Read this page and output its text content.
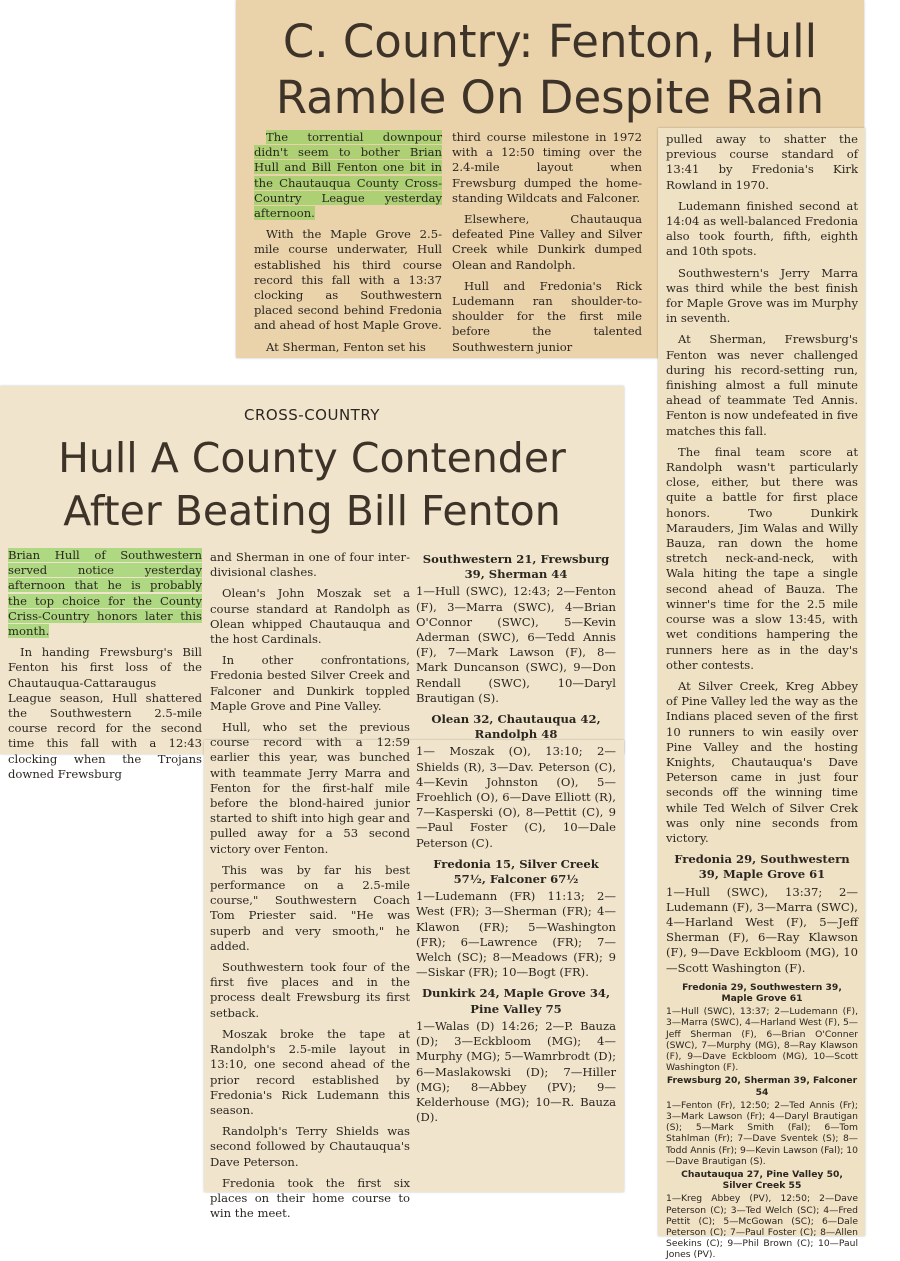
C. Country: Fenton, Hull
Ramble On Despite Rain

The torrential downpour didn't seem to bother Brian Hull and Bill Fenton one bit in the Chautauqua County Cross-Country League yesterday afternoon.

With the Maple Grove 2.5-mile course underwater, Hull established his third course record this fall with a 13:37 clocking as Southwestern placed second behind Fredonia and ahead of host Maple Grove.

At Sherman, Fenton set his

third course milestone in 1972 with a 12:50 timing over the 2.4-mile layout when Frewsburg dumped the home-standing Wildcats and Falconer.

Elsewhere, Chautauqua defeated Pine Valley and Silver Creek while Dunkirk dumped Olean and Randolph.

Hull and Fredonia's Rick Ludemann ran shoulder-to-shoulder for the first mile before the talented Southwestern junior

pulled away to shatter the previous course standard of 13:41 by Fredonia's Kirk Rowland in 1970.

Ludemann finished second at 14:04 as well-balanced Fredonia also took fourth, fifth, eighth and 10th spots.

Southwestern's Jerry Marra was third while the best finish for Maple Grove was im Murphy in seventh.

At Sherman, Frewsburg's Fenton was never challenged during his record-setting run, finishing almost a full minute ahead of teammate Ted Annis. Fenton is now undefeated in five matches this fall.

The final team score at Randolph wasn't particularly close, either, but there was quite a battle for first place honors. Two Dunkirk Marauders, Jim Walas and Willy Bauza, ran down the home stretch neck-and-neck, with Wala hiting the tape a single second ahead of Bauza. The winner's time for the 2.5 mile course was a slow 13:45, with wet conditions hampering the runners here as in the day's other contests.

At Silver Creek, Kreg Abbey of Pine Valley led the way as the Indians placed seven of the first 10 runners to win easily over Pine Valley and the hosting Knights, Chautauqua's Dave Peterson came in just four seconds off the winning time while Ted Welch of Silver Crek was only nine seconds from victory.

Fredonia 29, Southwestern 39, Maple Grove 61

1—Hull (SWC), 13:37; 2—Ludemann (F), 3—Marra (SWC), 4—Harland West (F), 5—Jeff Sherman (F), 6—Ray Klawson (F), 9—Dave Eckbloom (MG), 10—Scott Washington (F).

Fredonia 29, Southwestern 39, Maple Grove 61
1—Hull (SWC), 13:37; 2—Ludemann (F), 3—Marra (SWC), 4—Harland West (F), 5—Jeff Sherman (F), 6—Brian O'Conner (SWC), 7—Murphy (MG), 8—Ray Klawson (F), 9—Dave Eckbloom (MG), 10—Scott Washington (F).
Frewsburg 20, Sherman 39, Falconer 54
1—Fenton (Fr), 12:50; 2—Ted Annis (Fr); 3—Mark Lawson (Fr); 4—Daryl Brautigan (S); 5—Mark Smith (Fal); 6—Tom Stahlman (Fr); 7—Dave Sventek (S); 8—Todd Annis (Fr); 9—Kevin Lawson (Fal); 10—Dave Brautigan (S).
Chautauqua 27, Pine Valley 50, Silver Creek 55
1—Kreg Abbey (PV), 12:50; 2—Dave Peterson (C); 3—Ted Welch (SC); 4—Fred Pettit (C); 5—McGowan (SC); 6—Dale Peterson (C); 7—Paul Foster (C); 8—Allen Seekins (C); 9—Phil Brown (C); 10—Paul Jones (PV).
CROSS-COUNTRY
Hull A County Contender
After Beating Bill Fenton

Brian Hull of Southwestern served notice yesterday afternoon that he is probably the top choice for the County Criss-Country honors later this month.

In handing Frewsburg's Bill Fenton his first loss of the Chautauqua-Cattaraugus League season, Hull shattered the Southwestern 2.5-mile course record for the second time this fall with a 12:43 clocking when the Trojans downed Frewsburg

and Sherman in one of four inter-divisional clashes.

Olean's John Moszak set a course standard at Randolph as Olean whipped Chautauqua and the host Cardinals.

In other confrontations, Fredonia bested Silver Creek and Falconer and Dunkirk toppled Maple Grove and Pine Valley.

Hull, who set the previous course record with a 12:59 earlier this year, was bunched with teammate Jerry Marra and Fenton for the first-half mile before the blond-haired junior started to shift into high gear and pulled away for a 53 second victory over Fenton.

This was by far his best performance on a 2.5-mile course," Southwestern Coach Tom Priester said. "He was superb and very smooth," he added.

Southwestern took four of the first five places and in the process dealt Frewsburg its first setback.

Moszak broke the tape at Randolph's 2.5-mile layout in 13:10, one second ahead of the prior record established by Fredonia's Rick Ludemann this season.

Randolph's Terry Shields was second followed by Chautauqua's Dave Peterson.

Fredonia took the first six places on their home course to win the meet.

Southwestern 21, Frewsburg 39, Sherman 44

1—Hull (SWC), 12:43; 2—Fenton (F), 3—Marra (SWC), 4—Brian O'Connor (SWC), 5—Kevin Aderman (SWC), 6—Tedd Annis (F), 7—Mark Lawson (F), 8—Mark Duncanson (SWC), 9—Don Rendall (SWC), 10—Daryl Brautigan (S).

Olean 32, Chautauqua 42, Randolph 48

1— Moszak (O), 13:10; 2—Shields (R), 3—Dav. Peterson (C), 4—Kevin Johnston (O), 5—Froehlich (O), 6—Dave Elliott (R), 7—Kasperski (O), 8—Pettit (C), 9—Paul Foster (C), 10—Dale Peterson (C).

Fredonia 15, Silver Creek 57½, Falconer 67½

1—Ludemann (FR) 11:13; 2—West (FR); 3—Sherman (FR); 4—Klawon (FR); 5—Washington (FR); 6—Lawrence (FR); 7—Welch (SC); 8—Meadows (FR); 9—Siskar (FR); 10—Bogt (FR).

Dunkirk 24, Maple Grove 34, Pine Valley 75

1—Walas (D) 14:26; 2—P. Bauza (D); 3—Eckbloom (MG); 4—Murphy (MG); 5—Wamrbrodt (D); 6—Maslakowski (D); 7—Hiller (MG); 8—Abbey (PV); 9—Kelderhouse (MG); 10—R. Bauza (D).
